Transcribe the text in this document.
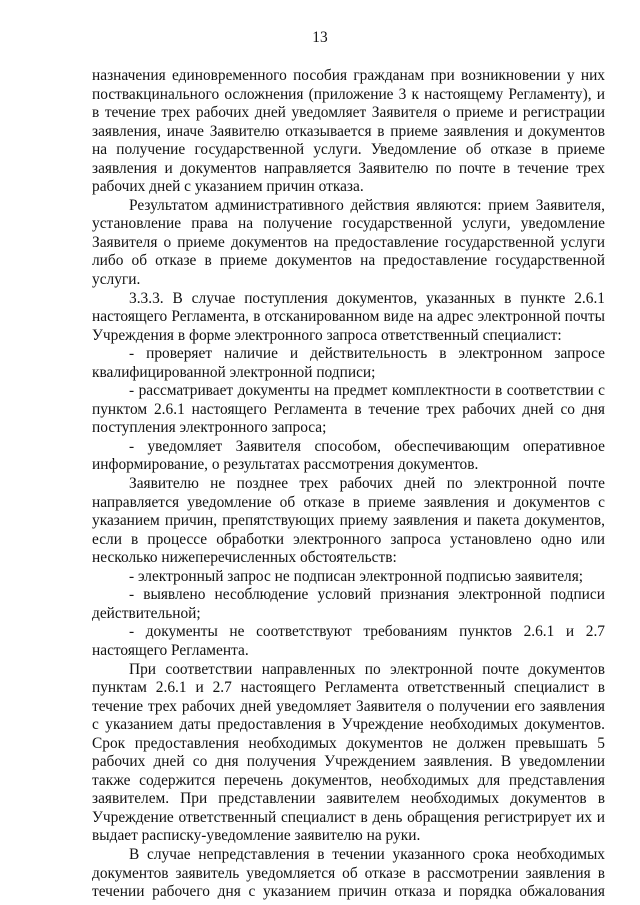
13
назначения единовременного пособия гражданам при возникновении у них
поствакцинального осложнения (приложение 3 к настоящему Регламенту), и
в течение трех рабочих дней уведомляет Заявителя о приеме и регистрации
заявления, иначе Заявителю отказывается в приеме заявления и документов
на получение государственной услуги. Уведомление об отказе в приеме
заявления и документов направляется Заявителю по почте в течение трех
рабочих дней с указанием причин отказа.
Результатом административного действия являются: прием Заявителя,
установление права на получение государственной услуги, уведомление
Заявителя о приеме документов на предоставление государственной услуги
либо об отказе в приеме документов на предоставление государственной
услуги.
3.3.3. В случае поступления документов, указанных в пункте 2.6.1
настоящего Регламента, в отсканированном виде на адрес электронной почты
Учреждения в форме электронного запроса ответственный специалист:
- проверяет наличие и действительность в электронном запросе
квалифицированной электронной подписи;
- рассматривает документы на предмет комплектности в соответствии с
пунктом 2.6.1 настоящего Регламента в течение трех рабочих дней со дня
поступления электронного запроса;
- уведомляет Заявителя способом, обеспечивающим оперативное
информирование, о результатах рассмотрения документов.
Заявителю не позднее трех рабочих дней по электронной почте
направляется уведомление об отказе в приеме заявления и документов с
указанием причин, препятствующих приему заявления и пакета документов,
если в процессе обработки электронного запроса установлено одно или
несколько нижеперечисленных обстоятельств:
- электронный запрос не подписан электронной подписью заявителя;
- выявлено несоблюдение условий признания электронной подписи
действительной;
- документы не соответствуют требованиям пунктов 2.6.1 и 2.7
настоящего Регламента.
При соответствии направленных по электронной почте документов
пунктам 2.6.1 и 2.7 настоящего Регламента ответственный специалист в
течение трех рабочих дней уведомляет Заявителя о получении его заявления
с указанием даты предоставления в Учреждение необходимых документов.
Срок предоставления необходимых документов не должен превышать 5
рабочих дней со дня получения Учреждением заявления. В уведомлении
также содержится перечень документов, необходимых для представления
заявителем. При представлении заявителем необходимых документов в
Учреждение ответственный специалист в день обращения регистрирует их и
выдает расписку-уведомление заявителю на руки.
В случае непредставления в течении указанного срока необходимых
документов заявитель уведомляется об отказе в рассмотрении заявления в
течении рабочего дня с указанием причин отказа и порядка обжалования
